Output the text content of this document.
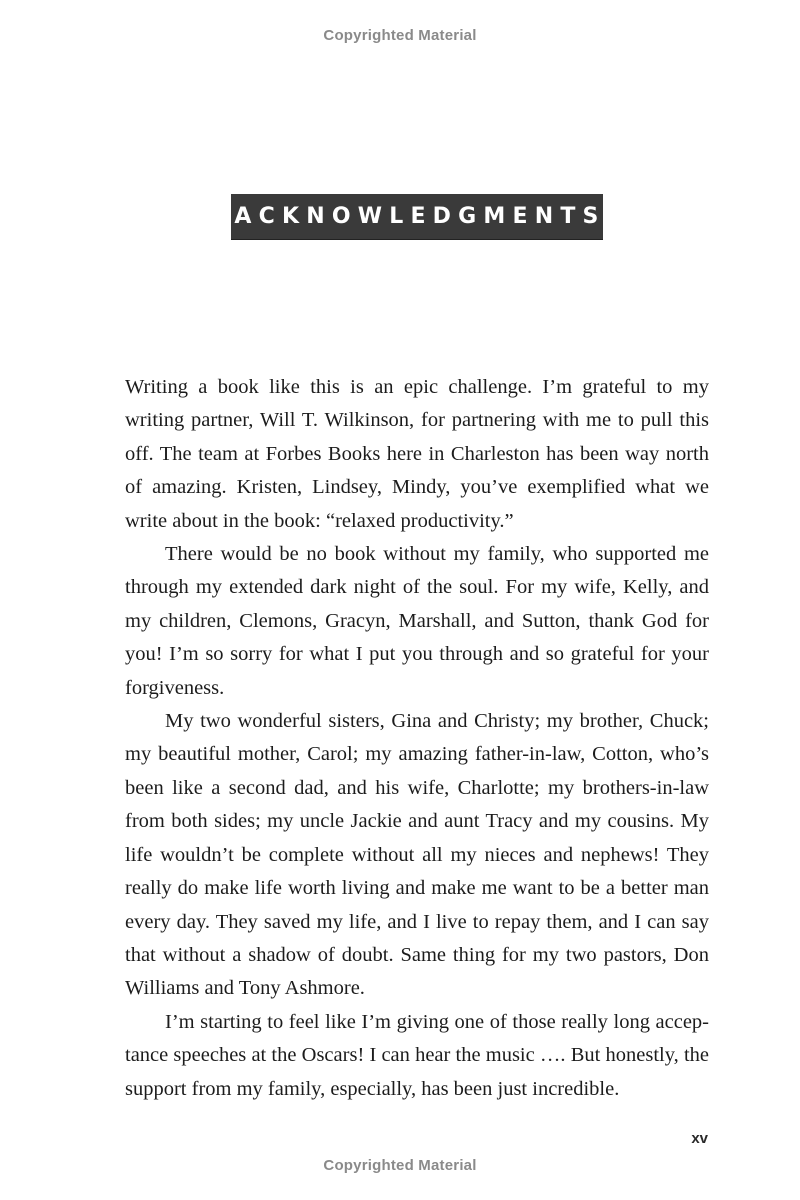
Copyrighted Material
ACKNOWLEDGMENTS

Writing a book like this is an epic challenge. I’m grateful to my writing partner, Will T. Wilkinson, for partnering with me to pull this off. The team at Forbes Books here in Charleston has been way north of amazing. Kristen, Lindsey, Mindy, you’ve exemplified what we write about in the book: “relaxed productivity.”

There would be no book without my family, who supported me through my extended dark night of the soul. For my wife, Kelly, and my children, Clemons, Gracyn, Marshall, and Sutton, thank God for you! I’m so sorry for what I put you through and so grateful for your forgiveness.

My two wonderful sisters, Gina and Christy; my brother, Chuck; my beautiful mother, Carol; my amazing father-in-law, Cotton, who’s been like a second dad, and his wife, Charlotte; my brothers-in-law from both sides; my uncle Jackie and aunt Tracy and my cousins. My life wouldn’t be complete without all my nieces and nephews! They really do make life worth living and make me want to be a better man every day. They saved my life, and I live to repay them, and I can say that without a shadow of doubt. Same thing for my two pastors, Don Williams and Tony Ashmore.

I’m starting to feel like I’m giving one of those really long accep-tance speeches at the Oscars! I can hear the music …. But honestly, the support from my family, especially, has been just incredible.

xv
Copyrighted Material
